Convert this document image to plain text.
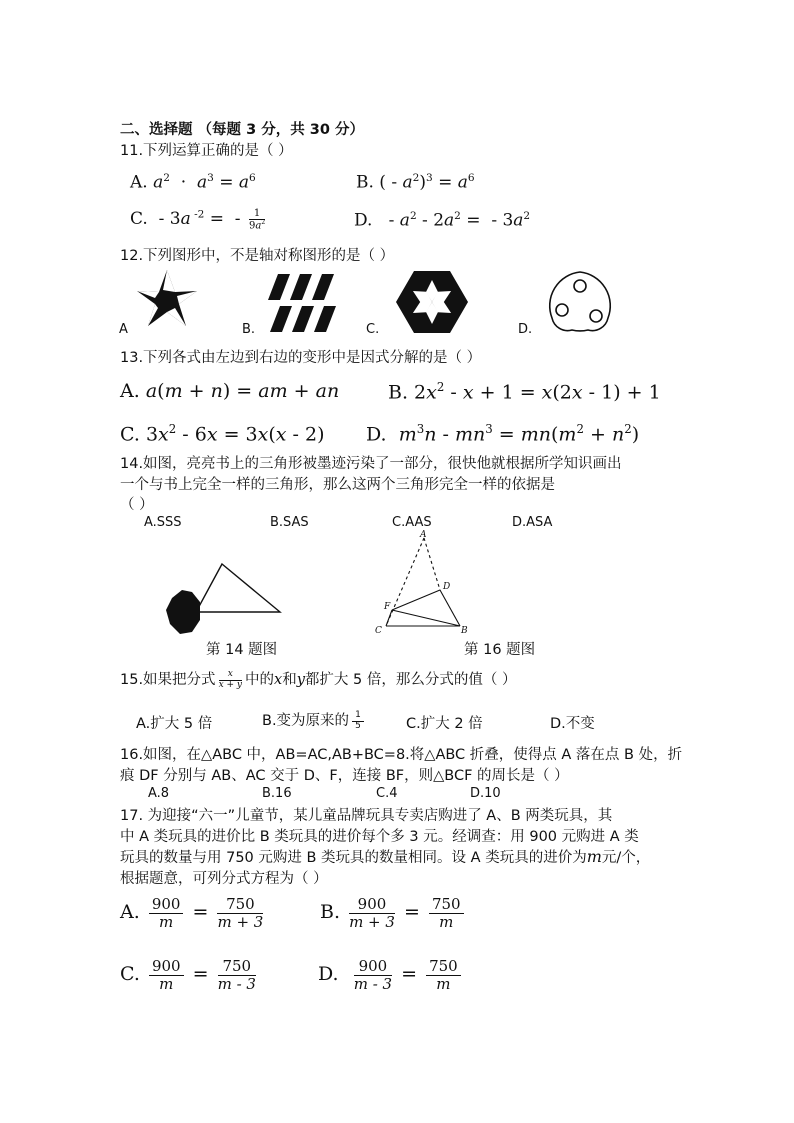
二、选择题 （每题 3 分，共 30 分）
11.下列运算正确的是（ ）
A. $a^2 \cdot a^3 = a^6$	B. ( - $a^2)^3 = a^6$
C.  - 3a $^{-2}$ =  - $\frac{1}{9a^2}$	D.   - $a^2 - 2a^2$ =  - $3a^2$
12.下列图形中，不是轴对称图形的是（ ）
A	B.	C.	D.
13.下列各式由左边到右边的变形中是因式分解的是（ ）
A. a(m + n) = am + an	B. $2x^2 - x + 1 = x(2x - 1) + 1$
C. $3x^2 - 6x = 3x(x - 2)$ D.  $m^3n - mn^3 = mn(m^2 + n^2)$
14.如图，亮亮书上的三角形被墨迹污染了一部分，很快他就根据所学知识画出
一个与书上完全一样的三角形，那么这两个三角形完全一样的依据是
（ ）
A.SSS	B.SAS	C.AAS	D.ASA
第 14 题图
A
D
F
C	B
第 16 题图
15.如果把分式 $\frac{x}{x + y}$ 中的x和y都扩大 5 倍，那么分式的值（ ）
A.扩大 5 倍	B.变为原来的 $\frac{1}{5}$	C.扩大 2 倍	D.不变
16.如图，在△ABC 中，AB=AC,AB+BC=8.将△ABC 折叠，使得点 A 落在点 B 处，折
痕 DF 分别与 AB、AC 交于 D、F，连接 BF，则△BCF 的周长是（ ）
A.8	B.16	C.4	D.10
17. 为迎接“六一”儿童节，某儿童品牌玩具专卖店购进了 A、B 两类玩具，其
中 A 类玩具的进价比 B 类玩具的进价每个多 3 元。经调查：用 900 元购进 A 类
玩具的数量与用 750 元购进 B 类玩具的数量相同。设 A 类玩具的进价为m元/个，
根据题意，可列分式方程为（ ）
A. $\frac{900}{m} = \frac{750}{m + 3}$	B. $\frac{900}{m + 3} = \frac{750}{m}$
C. $\frac{900}{m} = \frac{750}{m - 3}$	D. $\frac{900}{m - 3} = \frac{750}{m}$
